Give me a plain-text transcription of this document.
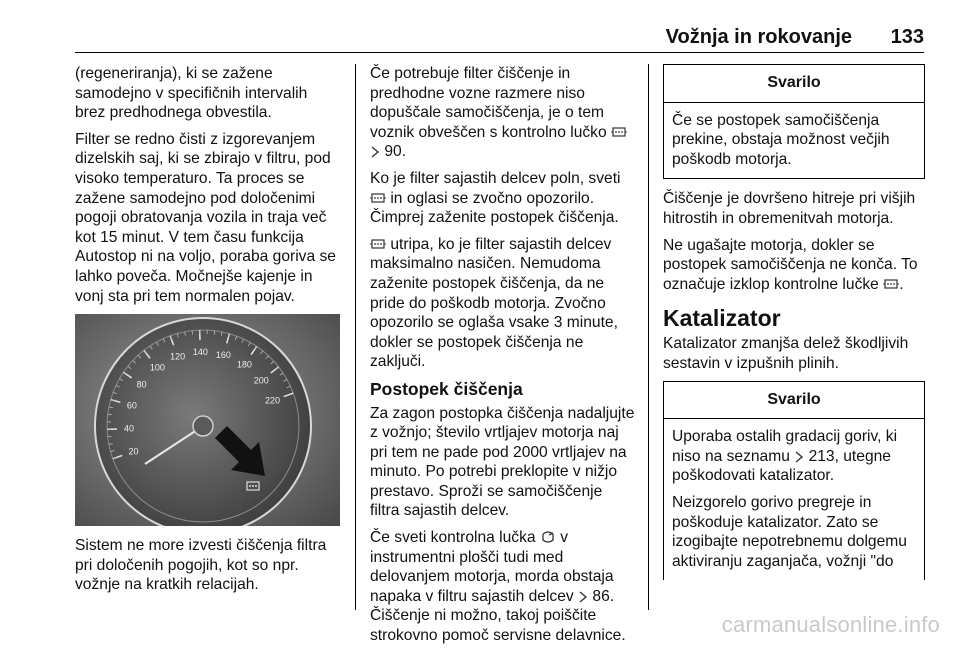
Vožnja in rokovanje 133

(regeneriranja), ki se zažene samodejno v specifičnih intervalih brez predhodnega obvestila.

Filter se redno čisti z izgorevanjem dizelskih saj, ki se zbirajo v filtru, pod visoko temperaturo. Ta proces se zažene samodejno pod določenimi pogoji obratovanja vozila in traja več kot 15 minut. V tem času funkcija Autostop ni na voljo, poraba goriva se lahko poveča. Močnejše kajenje in vonj sta pri tem normalen pojav.

20
40
60
80
100
120 140 160
180
200
220

Sistem ne more izvesti čiščenja filtra pri določenih pogojih, kot so npr. vožnje na kratkih relacijah.

Če potrebuje filter čiščenje in predhodne vozne razmere niso dopuščale samočiščenja, je o tem voznik obveščen s kontrolno lučko
90.

Ko je filter sajastih delcev poln, sveti
in oglasi se zvočno opozorilo. Čimprej zaženite postopek čiščenja.

utripa, ko je filter sajastih delcev maksimalno nasičen. Nemudoma zaženite postopek čiščenja, da ne pride do poškodb motorja. Zvočno opozorilo se oglaša vsake 3 minute, dokler se postopek čiščenja ne zaključi.

Postopek čiščenja

Za zagon postopka čiščenja nadaljujte z vožnjo; število vrtljajev motorja naj pri tem ne pade pod 2000 vrtljajev na minuto. Po potrebi preklopite v nižjo prestavo. Sproži se samočiščenje filtra sajastih delcev.

Če sveti kontrolna lučka v instrumentni plošči tudi med delovanjem motorja, morda obstaja napaka v filtru sajastih delcev 86. Čiščenje ni možno, takoj poiščite strokovno pomoč servisne delavnice.

Svarilo

Če se postopek samočiščenja prekine, obstaja možnost večjih poškodb motorja.

Čiščenje je dovršeno hitreje pri višjih hitrostih in obremenitvah motorja.

Ne ugašajte motorja, dokler se postopek samočiščenja ne konča. To označuje izklop kontrolne lučke .

Katalizator

Katalizator zmanjša delež škodljivih sestavin v izpušnih plinih.

Svarilo

Uporaba ostalih gradacij goriv, ki niso na seznamu 213, utegne poškodovati katalizator.

Neizgorelo gorivo pregreje in poškoduje katalizator. Zato se izogibajte nepotrebnemu dolgemu aktiviranju zaganjača, vožnji "do

carmanualsonline.info
